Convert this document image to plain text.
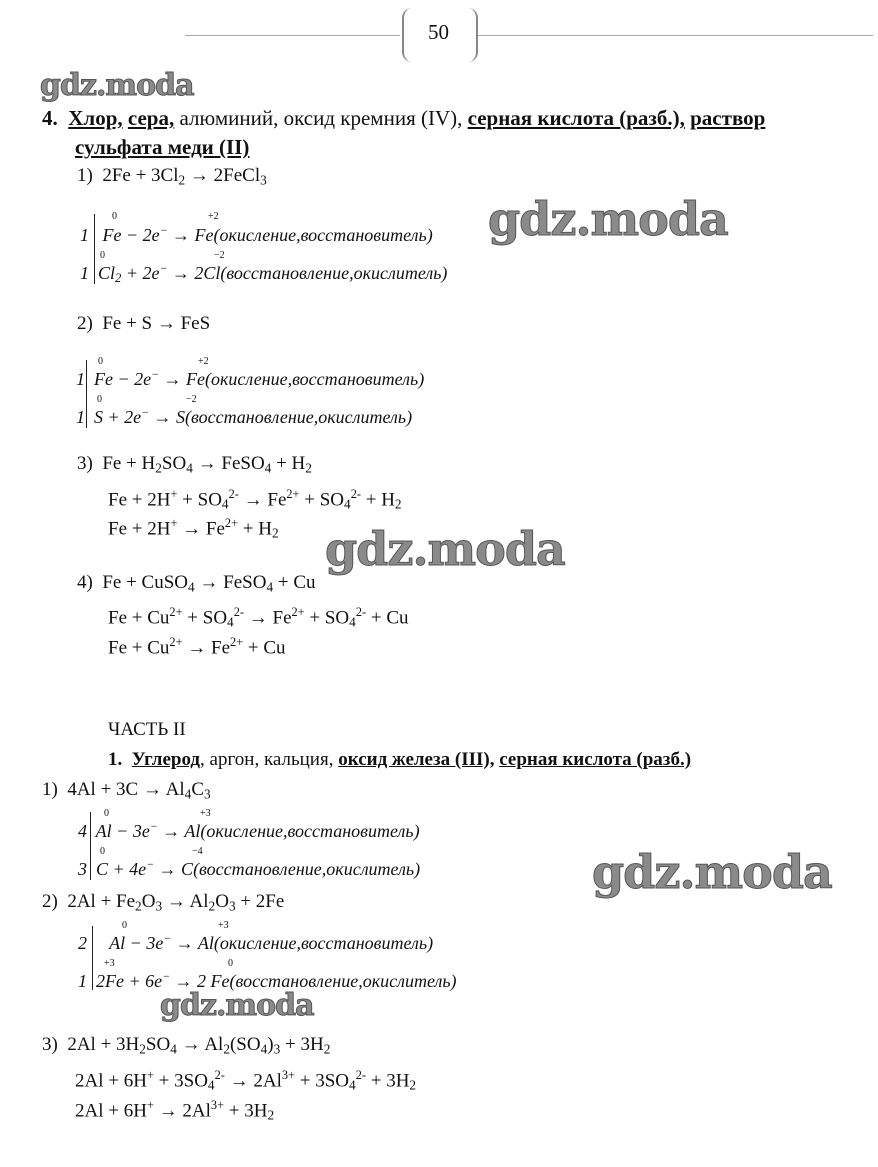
50
gdz.moda
gdz.moda
gdz.moda
gdz.moda
gdz.moda
4. Хлор, сера, алюминий, оксид кремния (IV), серная кислота (разб.), раствор
сульфата меди (II)
1)  $2Fe + 3Cl_2$ → 2FeCl$_3$
1   Fe − 2e− → Fe(окисление,восстановитель)
0	+2
1  $Cl_2 + 2e^-$ → 2Cl(восстановление,окислитель)
0	−2
2)  Fe + S → FeS
1  Fe − 2e− → Fe(окисление,восстановитель)
0	+2
1  S + 2e− → S(восстановление,окислитель)
0	−2
3)  $Fe + H_2SO_4$ → FeSO$_4$ + $H_2$
$Fe + 2H^+ + SO_4^{2-} \to Fe^{2+} + SO_4^{2-} + H_2$
$Fe + 2H^+ \to Fe^{2+} + H_2$
4)  Fe + CuSO$_4$ → FeSO$_4$ + Cu
$Fe + Cu^{2+} + SO_4^{2-} \to Fe^{2+} + SO_4^{2-} + Cu$
$Fe + Cu^{2+} \to Fe^{2+} + Cu$
ЧАСТЬ II
1. Углерод, аргон, кальция, оксид железа (III), серная кислота (разб.)
1)  $4Al + 3C \to Al_4C_3$
4  Al − 3e− → Al(окисление,восстановитель)
0	+3
3  C + 4e− → C(восстановление,окислитель)
0	−4
2)  $2Al + Fe_2O_3 \to Al_2O_3 + 2Fe$
2     Al − 3e− → Al(окисление,восстановитель)
0	+3
1  2Fe + 6e− → 2 Fe(восстановление,окислитель)
+3	0
3)  $2Al + 3H_2SO_4 \to Al_2(SO_4)_3 + 3H_2$
$2Al + 6H^+ + 3SO_4^{2-} \to 2Al^{3+} + 3SO_4^{2-} + 3H_2$
$2Al + 6H^+ \to 2Al^{3+} + 3H_2$
